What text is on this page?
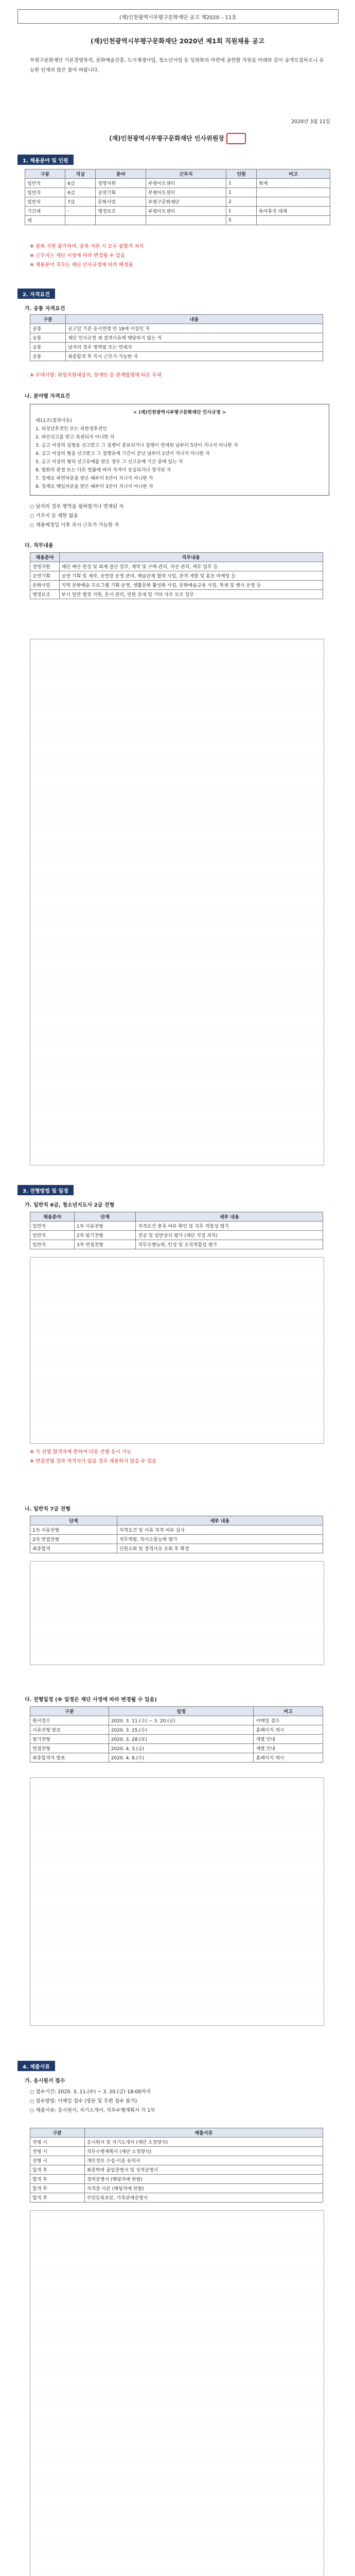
(재)인천광역시부평구문화재단 공고 제2020 – 11호
(재)인천광역시부평구문화재단 2020년 제1회 직원채용 공고
부평구문화재단 기본경영목적, 문화예술진흥, 도시재생사업, 청소년사업 등 일원화의 마련에 공헌할 직원을 아래와 같이 공개모집하오니 유능한 인재의 많은 참여 바랍니다.
2020년 3월 11일
(재)인천광역시부평구문화재단 인사위원장
1. 채용분야 및 인원
구분	직급	분야	근무지	인원	비고
일반직	6급	경영지원	부평아트센터	1	회계
일반직	6급	공연기획	부평아트센터	1	
일반직	7급	문화사업	부평구문화재단	2	
기간제	-	행정보조	부평아트센터	1	육아휴직 대체
계				5	
※ 중복 지원 불가하며, 중복 지원 시 모두 불합격 처리
※ 근무지는 재단 사정에 따라 변경될 수 있음
※ 채용분야 직무는 재단 인사규정에 따라 배정됨
2. 자격요건
가. 공통 자격요건
구분	내용
공통	공고일 기준 응시연령 만 18세 이상인 자
공통	재단 인사규정 제 결격사유에 해당하지 않는 자
공통	남자의 경우 병역필 또는 면제자
공통	최종합격 후 즉시 근무가 가능한 자
※ 우대사항: 취업지원대상자, 장애인 등 관계법령에 따른 우대
나. 분야별 자격요건
< (재)인천광역시부평구문화재단 인사규정 >
제11조(결격사유)
1. 피성년후견인 또는 피한정후견인
2. 파산선고를 받고 복권되지 아니한 자
3. 금고 이상의 실형을 선고받고 그 집행이 종료되거나 집행이 면제된 날부터 5년이 지나지 아니한 자
4. 금고 이상의 형을 선고받고 그 집행유예 기간이 끝난 날부터 2년이 지나지 아니한 자
5. 금고 이상의 형의 선고유예를 받은 경우 그 선고유예 기간 중에 있는 자
6. 법원의 판결 또는 다른 법률에 따라 자격이 상실되거나 정지된 자
7. 징계로 파면처분을 받은 때부터 5년이 지나지 아니한 자
8. 징계로 해임처분을 받은 때부터 3년이 지나지 아니한 자
○ 남자의 경우 병역을 필하였거나 면제된 자
○ 거주지 등 제한 없음
○ 채용예정일 이후 즉시 근무가 가능한 자
다. 직무내용
채용분야	직무내용
경영지원	재단 예산 편성 및 회계·결산 업무, 계약 및 구매 관리, 자산 관리, 세무 업무 등
공연기획	공연 기획 및 제작, 공연장 운영 관리, 예술단체 협력 사업, 관객 개발 및 홍보 마케팅 등
문화사업	지역 문화예술 프로그램 기획·운영, 생활문화 활성화 사업, 문화예술교육 사업, 축제 및 행사 운영 등
행정보조	부서 일반 행정 지원, 문서 관리, 민원 응대 및 기타 사무 보조 업무
3. 전형방법 및 일정
가. 일반직 6급, 청소년지도사 2급 전형
채용분야	단계	세부 내용
일반직	1차 서류전형	자격요건 충족 여부 확인 및 직무 적합성 평가
일반직	2차 필기전형	전공 및 일반상식 평가 (재단 지정 과목)
일반직	3차 면접전형	직무수행능력, 인성 및 조직적합성 평가
※ 각 전형 합격자에 한하여 다음 전형 응시 가능
※ 면접전형 결과 적격자가 없을 경우 채용하지 않을 수 있음
나. 일반직 7급 전형
단계	세부 내용
1차 서류전형	자격요건 및 서류 적격 여부 심사
2차 면접전형	직무역량, 의사소통능력 평가
최종합격	신원조회 및 결격사유 조회 후 확정
다. 전형일정 (※ 일정은 재단 사정에 따라 변경될 수 있음)
구분	일정	비고
원서접수	2020. 3. 11.(수) ~ 3. 20.(금)	이메일 접수
서류전형 발표	2020. 3. 25.(수)	홈페이지 게시
필기전형	2020. 3. 28.(토)	개별 안내
면접전형	2020. 4. 3.(금)	개별 안내
최종합격자 발표	2020. 4. 8.(수)	홈페이지 게시
4. 제출서류
가. 응시원서 접수
○ 접수기간: 2020. 3. 11.(수) ~ 3. 20.(금) 18:00까지
○ 접수방법: 이메일 접수 (방문 및 우편 접수 불가)
○ 제출서류: 응시원서, 자기소개서, 직무수행계획서 각 1부
구분	제출서류
전형 시	응시원서 및 자기소개서 (재단 소정양식)
전형 시	직무수행계획서 (재단 소정양식)
전형 시	개인정보 수집·이용 동의서
합격 후	최종학력 졸업증명서 및 성적증명서
합격 후	경력증명서 (해당자에 한함)
합격 후	자격증 사본 (해당자에 한함)
합격 후	주민등록초본, 가족관계증명서
